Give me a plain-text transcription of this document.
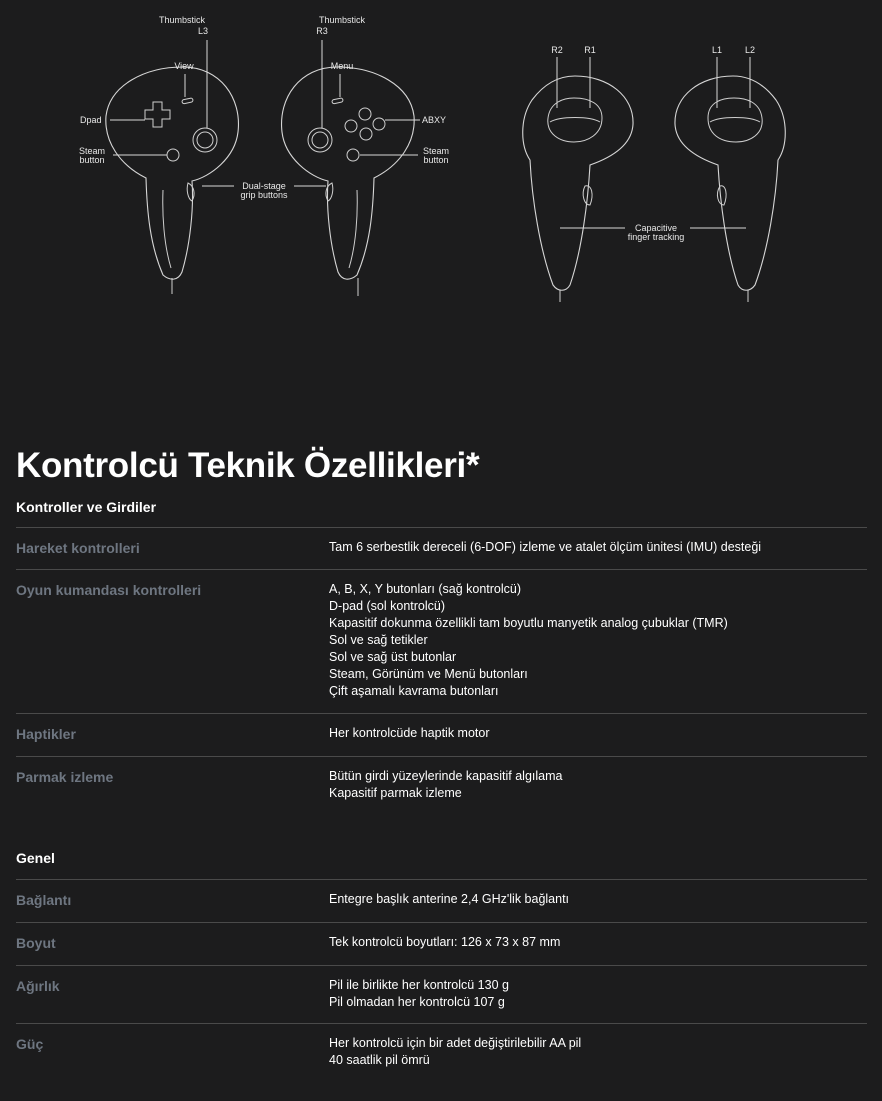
Thumbstick L3
Thumbstick R3
View	Menu
Dpad	ABXY
Steam button
Steam button
Dual-stage grip buttons
R2 R1	L1	L2
Capacitive finger tracking
Kontrolcü Teknik Özellikleri*
Kontroller ve Girdiler
Hareket kontrolleri	Tam 6 serbestlik dereceli (6-DOF) izleme ve atalet ölçüm ünitesi (IMU) desteği
Oyun kumandası kontrolleri	A, B, X, Y butonları (sağ kontrolcü)
D-pad (sol kontrolcü)
Kapasitif dokunma özellikli tam boyutlu manyetik analog çubuklar (TMR)
Sol ve sağ tetikler
Sol ve sağ üst butonlar
Steam, Görünüm ve Menü butonları
Çift aşamalı kavrama butonları
Haptikler	Her kontrolcüde haptik motor
Parmak izleme	Bütün girdi yüzeylerinde kapasitif algılama
Kapasitif parmak izleme
Genel
Bağlantı	Entegre başlık anterine 2,4 GHz'lik bağlantı
Boyut	Tek kontrolcü boyutları: 126 x 73 x 87 mm
Ağırlık	Pil ile birlikte her kontrolcü 130 g
Pil olmadan her kontrolcü 107 g
Güç	Her kontrolcü için bir adet değiştirilebilir AA pil
40 saatlik pil ömrü
